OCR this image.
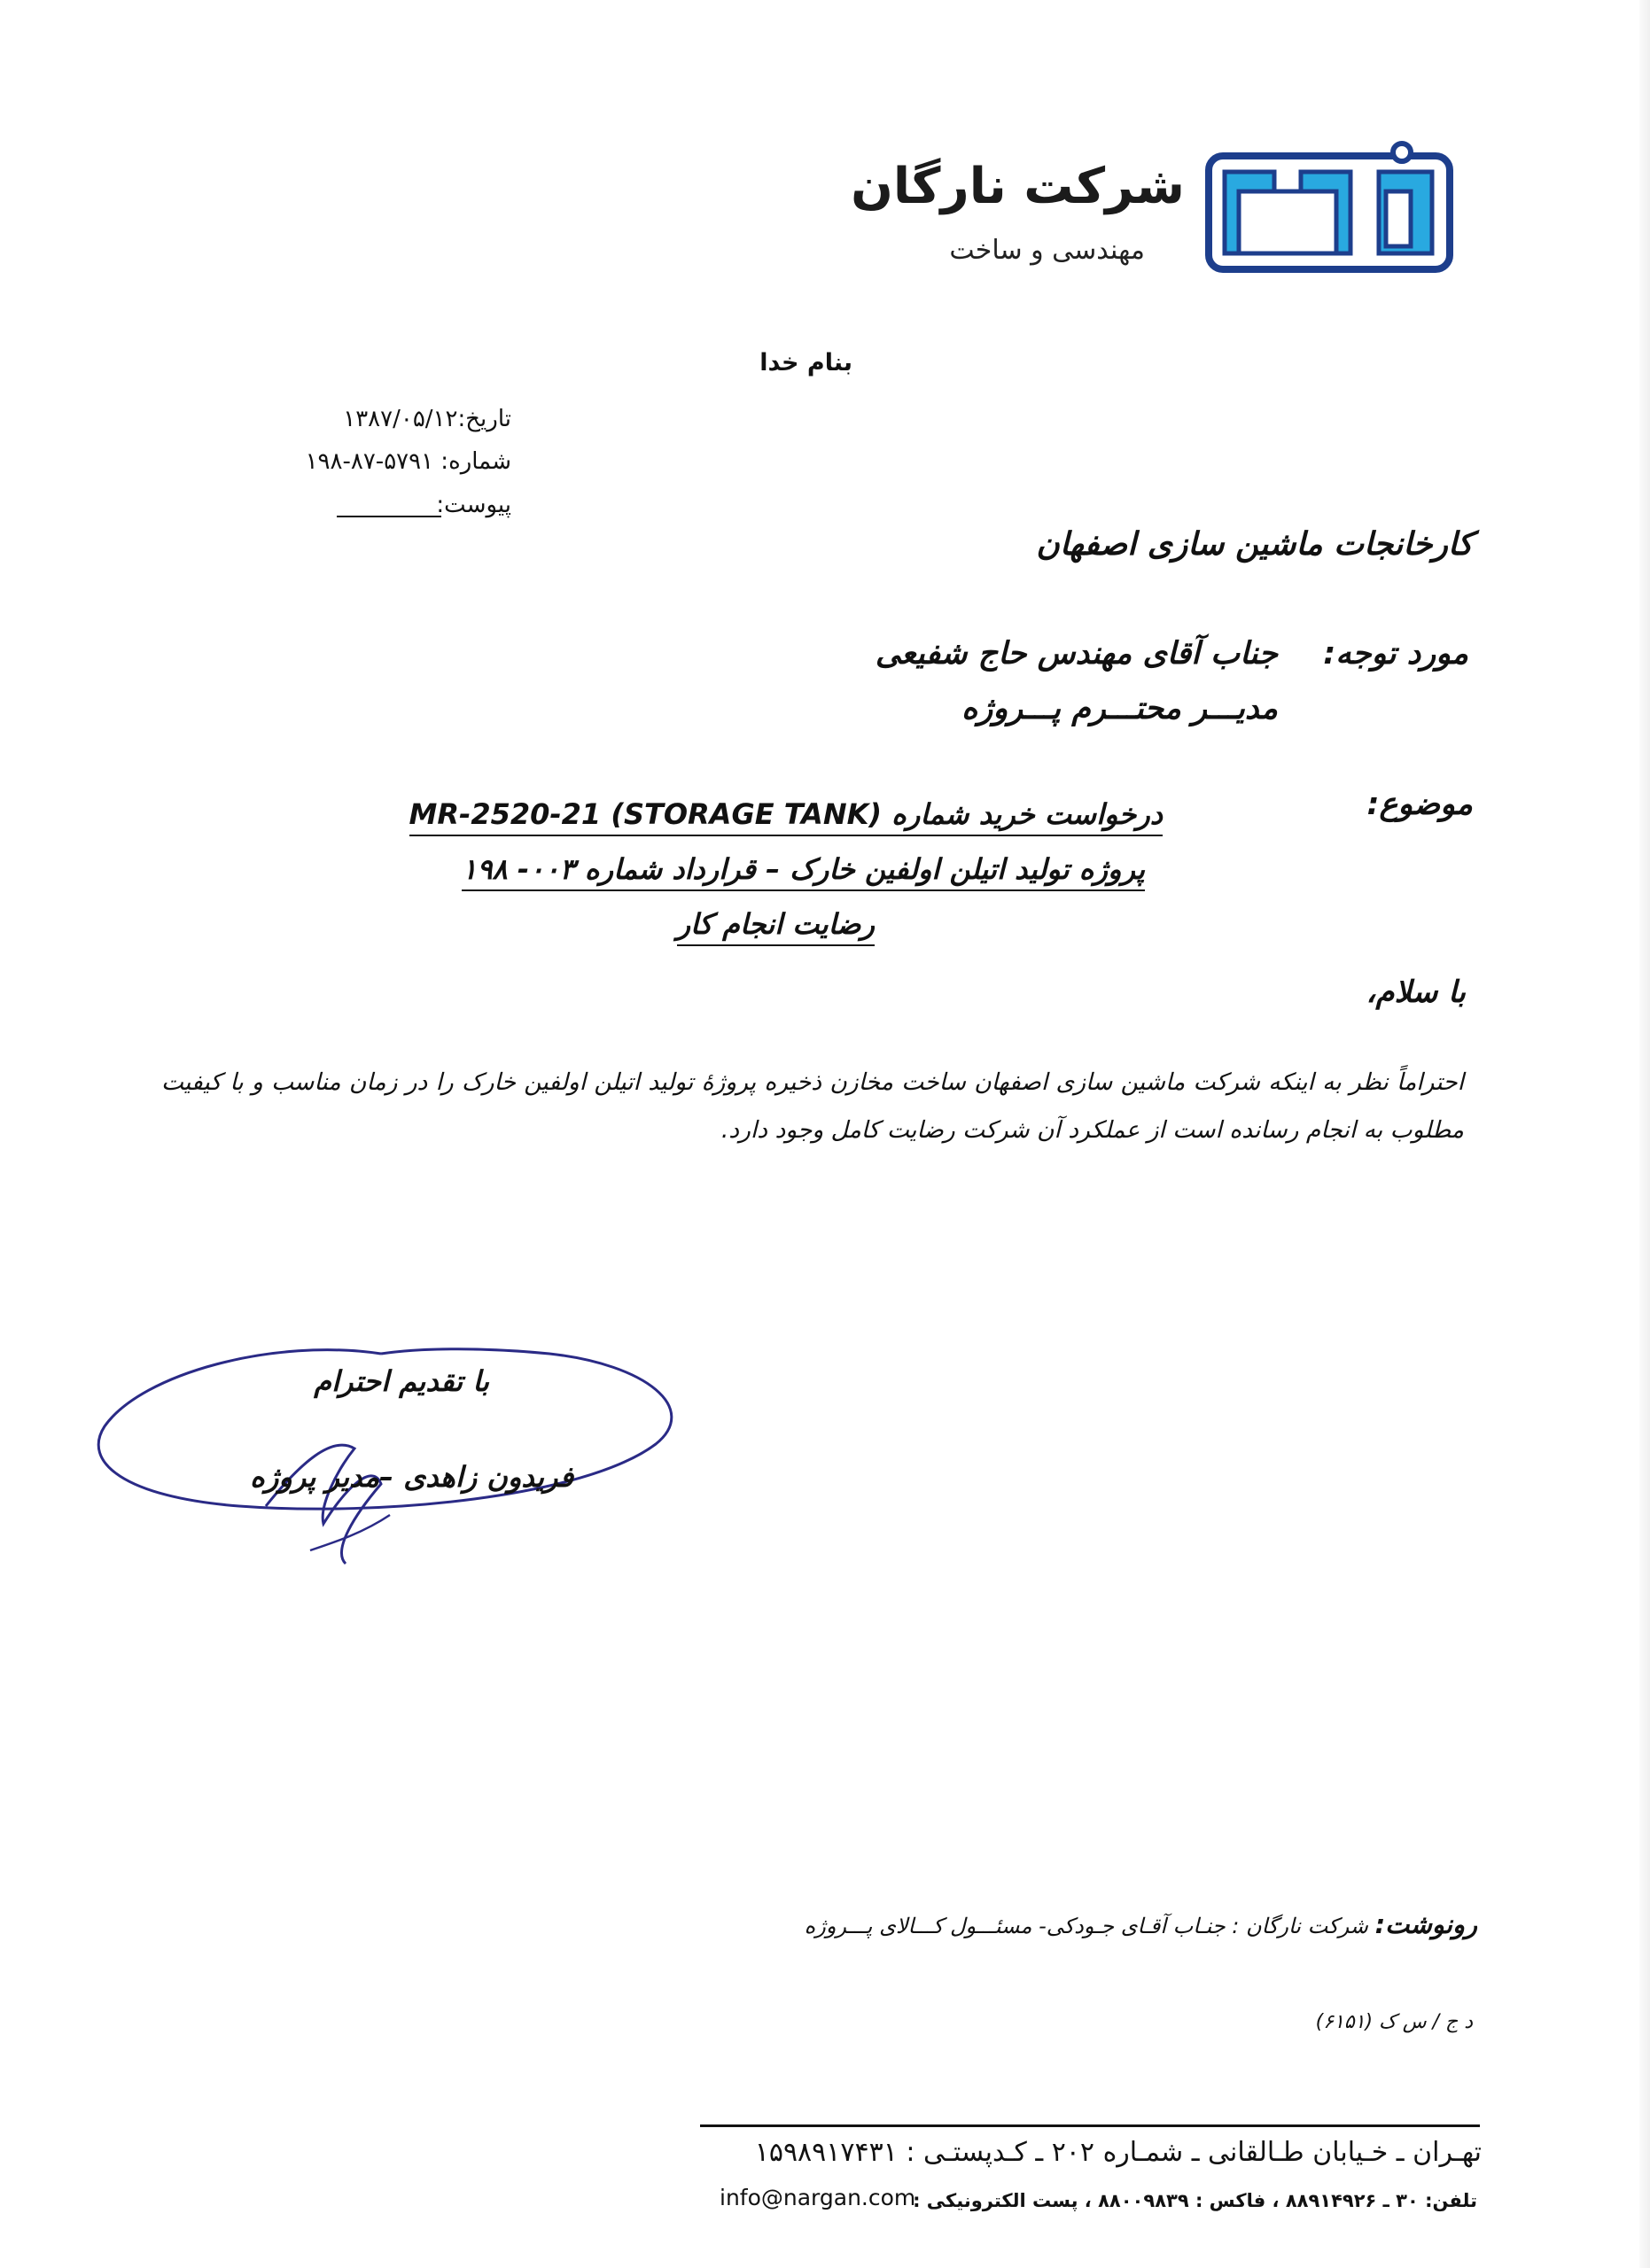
شرکت نارگان
مهندسی و ساخت
بنام خدا
تاریخ:۱۳۸۷/۰۵/۱۲
شماره: ۵۷۹۱-۸۷-۱۹۸
پیوست:
کارخانجات ماشین سازی اصفهان
مورد توجه:
جناب آقای مهندس حاج شفیعی
مدیـــر محتـــرم پـــروژه
موضوع:
درخواست خرید شماره (STORAGE TANK) MR-2520-21
پروژه تولید اتیلن اولفین خارک – قرارداد شماره ۰۰۳- ۱۹۸
رضایت انجام کار
با سلام،
احتراماً نظر به اینکه شرکت ماشین سازی اصفهان ساخت مخازن ذخیره پروژهٔ تولید اتیلن اولفین خارک را در زمان مناسب و با کیفیت مطلوب به انجام رسانده است از عملکرد آن شرکت رضایت کامل وجود دارد.
با تقدیم احترام
فریدون زاهدی –مدیر پروژه
رونوشت: شرکت نارگان : جنـاب آقـای جـودکی- مسئـــول کـــالای پـــروژه
د ج / س ک (۶۱۵۱)
تهـران ـ خـیابان طـالقانی ـ شمـاره ۲۰۲ ـ کـدپستـی : ۱۵۹۸۹۱۷۴۳۱
تلفن: ۳۰ ـ ۸۸۹۱۴۹۲۶ ، فاکس : ۸۸۰۰۹۸۳۹ ، پست الکترونیکی :
info@nargan.com
